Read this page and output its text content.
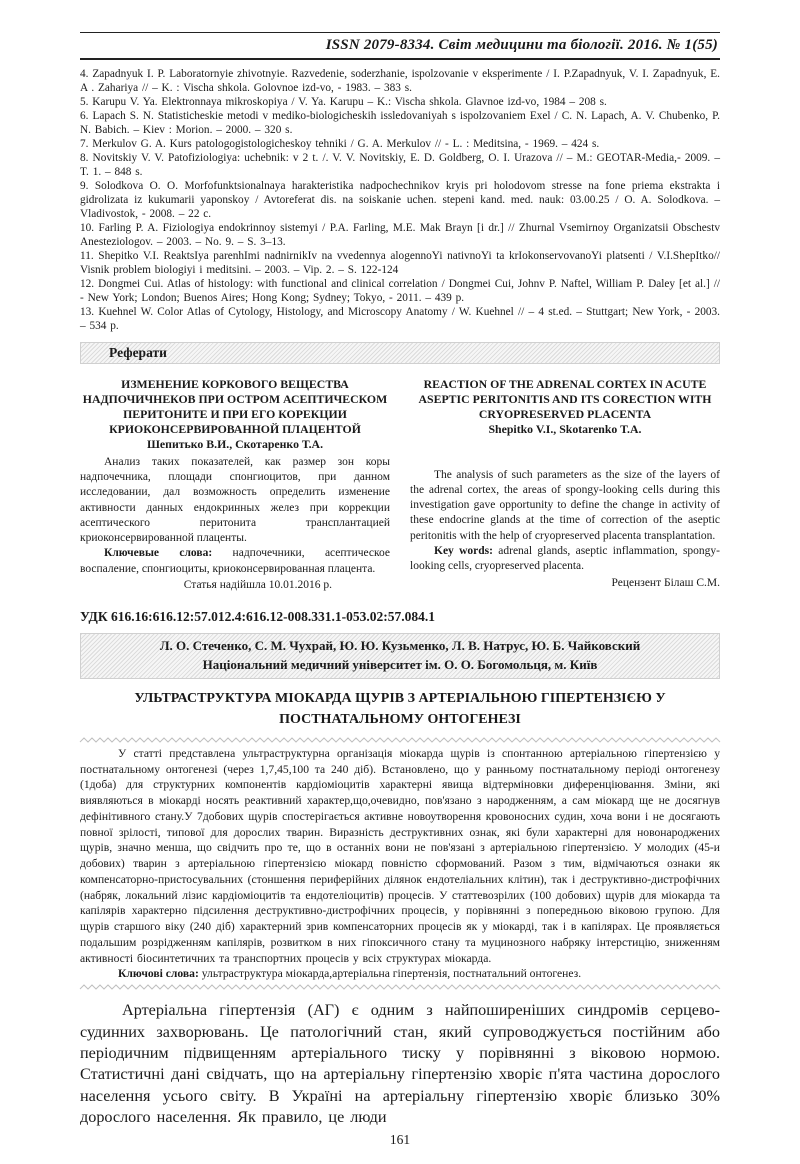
ISSN 2079-8334. Світ медицини та біології. 2016. № 1(55)

4. Zapadnyuk I. P. Laboratornyie zhivotnyie. Razvedenie, soderzhanie, ispolzovanie v eksperimente / I. P.Zapadnyuk, V. I. Zapadnyuk, E. A . Zahariya // – K. : Vischa shkola. Golovnoe izd-vo, - 1983. – 383 s.

5. Karupu V. Ya. Elektronnaya mikroskopiya / V. Ya. Karupu – K.: Vischa shkola. Glavnoe izd-vo, 1984 – 208 s.

6. Lapach S. N. Statisticheskie metodi v mediko-biologicheskih issledovaniyah s ispolzovaniem Exel / C. N. Lapach, A. V. Chubenko, P. N. Babich. – Kiev : Morion. – 2000. – 320 s.

7. Merkulov G. A. Kurs patologogistologicheskoy tehniki / G. A. Merkulov // - L. : Meditsina, - 1969. – 424 s.

8. Novitskiy V. V. Patofiziologiya: uchebnik: v 2 t. /. V. V. Novitskiy, E. D. Goldberg, O. I. Urazova // – M.: GEOTAR-Media,- 2009. – T. 1. – 848 s.

9. Solodkova O. O. Morfofunktsionalnaya harakteristika nadpochechnikov kryis pri holodovom stresse na fone priema ekstrakta i gidrolizata iz kukumarii yaponskoy / Avtoreferat dis. na soiskanie uchen. stepeni kand. med. nauk: 03.00.25 / O. A. Solodkova. – Vladivostok, - 2008. – 22 c.

10. Farling P. A. Fiziologiya endokrinnoy sistemyi / P.A. Farling, M.E. Mak Brayn [i dr.] // Zhurnal Vsemirnoy Organizatsii Obschestv Anesteziologov. – 2003. – No. 9. – S. 3–13.

11. Shepitko V.I. ReaktsIya parenhImi nadnirnikIv na vvedennya alogennoYi nativnoYi ta krIokonservovanoYi platsenti / V.I.ShepItko// Visnik problem biologiyi i meditsini. – 2003. – Vip. 2. – S. 122-124

12. Dongmei Cui. Atlas of histology: with functional and clinical correlation / Dongmei Cui, Johnv P. Naftel, William P. Daley [et al.] // - New York; London; Buenos Aires; Hong Kong; Sydney; Tokyo, - 2011. – 439 p.

13. Kuehnel W. Color Atlas of Cytology, Histology, and Microscopy Anatomy / W. Kuehnel // – 4 st.ed. – Stuttgart; New York, - 2003. – 534 p.

Реферати

ИЗМЕНЕНИЕ КОРКОВОГО ВЕЩЕСТВА НАДПОЧИЧНЕКОВ ПРИ ОСТРОМ АСЕПТИЧЕСКОМ ПЕРИТОНИТЕ И ПРИ ЕГО КОРЕКЦИИ КРИОКОНСЕРВИРОВАННОЙ ПЛАЦЕНТОЙ

Шепитько В.И., Скотаренко Т.А.

Анализ таких показателей, как размер зон коры надпочечника, площади спонгиоцитов, при данном исследовании, дал возможность определить изменение активности данных ендокринных желез при коррекции асептического перитонита трансплантацией криоконсервированной плаценты.

Ключевые слова: надпочечники, асептическое воспаление, спонгиоциты, криоконсервированная плацента.

Статья надійшла 10.01.2016 р.

REACTION OF THE ADRENAL CORTEX IN ACUTE ASEPTIC PERITONITIS AND ITS CORECTION WITH CRYOPRESERVED PLACENTA

Shepitko V.I., Skotarenko T.A.

The analysis of such parameters as the size of the layers of the adrenal cortex, the areas of spongy-looking cells during this investigation gave opportunity to define the change in activity of these endocrine glands at the time of correction of the aseptic peritonitis with the help of cryopreserved placenta transplantation.

Key words: adrenal glands, aseptic inflammation, spongy-looking cells, cryopreserved placenta.

Рецензент Білаш С.М.

УДК 616.16:616.12:57.012.4:616.12-008.331.1-053.02:57.084.1
Л. О. Стеченко, С. М. Чухрай, Ю. Ю. Кузьменко, Л. В. Натрус, Ю. Б. Чайковский
Національний медичний університет ім. О. О. Богомольця, м. Київ
УЛЬТРАСТРУКТУРА МІОКАРДА ЩУРІВ З АРТЕРІАЛЬНОЮ ГІПЕРТЕНЗІЄЮ У ПОСТНАТАЛЬНОМУ ОНТОГЕНЕЗІ

У статті представлена ультраструктурна організація міокарда щурів із спонтанною артеріальною гіпертензією у постнатальному онтогенезі (через 1,7,45,100 та 240 діб). Встановлено, що у ранньому постнатальному періоді онтогенезу (1доба) для структурних компонентів кардіоміоцитів характерні явища відтермінoвки диференціювання. Зміни, які виявляються в міокарді носять реактивний характер,що,очевидно, пов'язано з народженням, а сам міокард ще не досягнув дефінітивного стану.У 7добових щурів спостерігається активне новоутворення кровоносних судин, хоча вони і не досягають повної зрілості, типової для дорослих тварин. Виразність деструктивних ознак, які були характерні для новонароджених щурів, значно менша, що свідчить про те, що в останніх вони не пов'язані з артеріальною гіпертензією. У молодих (45-и добових) тварин з артеріальною гіпертензією міокард повністю сформований. Разом з тим, відмічаються ознаки як компенсаторно-пристосувальних (стоншення периферійних ділянок ендотеліальних клітин), так і деструктивно-дистрофічних (набряк, локальний лізис кардіоміоцитів та ендотеліоцитів) процесів. У статтевозрілих (100 добових) щурів для міокарда та капілярів характерно підсилення деструктивно-дистрофічних процесів, у порівнянні з попередньою віковою групою. Для щурів старшого віку (240 діб) характерний зрив компенсаторних процесів як у міокарді, так і в капілярах. Це проявляється подальшим розрідженням капілярів, розвитком в них гіпоксичного стану та муцинозного набряку інтерстицію, зниженням активності біосинтетичних та транспортних процесів у всіх структурах міокарда.

Ключові слова: ультраструктура міокарда,артеріальна гіпертензія, постнатальний онтогенез.

Артеріальна гіпертензія (АГ) є одним з найпоширеніших синдромів серцево-судинних захворювань. Це патологічний стан, який супроводжується постійним або періодичним підвищенням артеріального тиску у порівнянні з віковою нормою. Статистичні дані свідчать, що на артеріальну гіпертензію хворіє п'ята частина дорослого населення усього світу. В Україні на артеріальну гіпертензію хворіє близько 30% дорослого населення. Як правило, це люди

161
